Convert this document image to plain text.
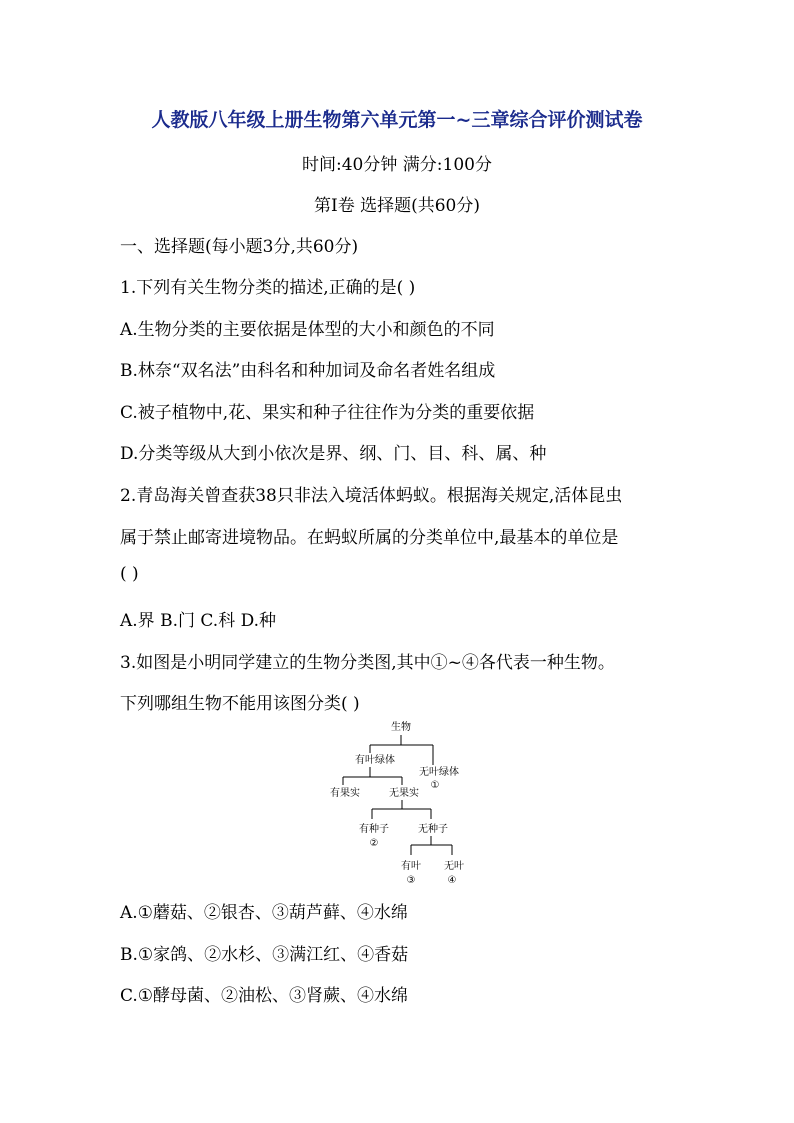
人教版八年级上册生物第六单元第一~三章综合评价测试卷
时间:40分钟 满分:100分
第Ⅰ卷 选择题(共60分)
一、选择题(每小题3分,共60分)
1.下列有关生物分类的描述,正确的是( )
A.生物分类的主要依据是体型的大小和颜色的不同
B.林奈“双名法”由科名和种加词及命名者姓名组成
C.被子植物中,花、果实和种子往往作为分类的重要依据
D.分类等级从大到小依次是界、纲、门、目、科、属、种
2.青岛海关曾查获38只非法入境活体蚂蚁。根据海关规定,活体昆虫
属于禁止邮寄进境物品。在蚂蚁所属的分类单位中,最基本的单位是
( )
A.界 B.门 C.科 D.种
3.如图是小明同学建立的生物分类图,其中①~④各代表一种生物。
下列哪组生物不能用该图分类( )
生物
有叶绿体
无叶绿体
①
有果实	无果实
有种子	无种子
②
有叶 无叶
③	④
A.①蘑菇、②银杏、③葫芦藓、④水绵
B.①家鸽、②水杉、③满江红、④香菇
C.①酵母菌、②油松、③肾蕨、④水绵
